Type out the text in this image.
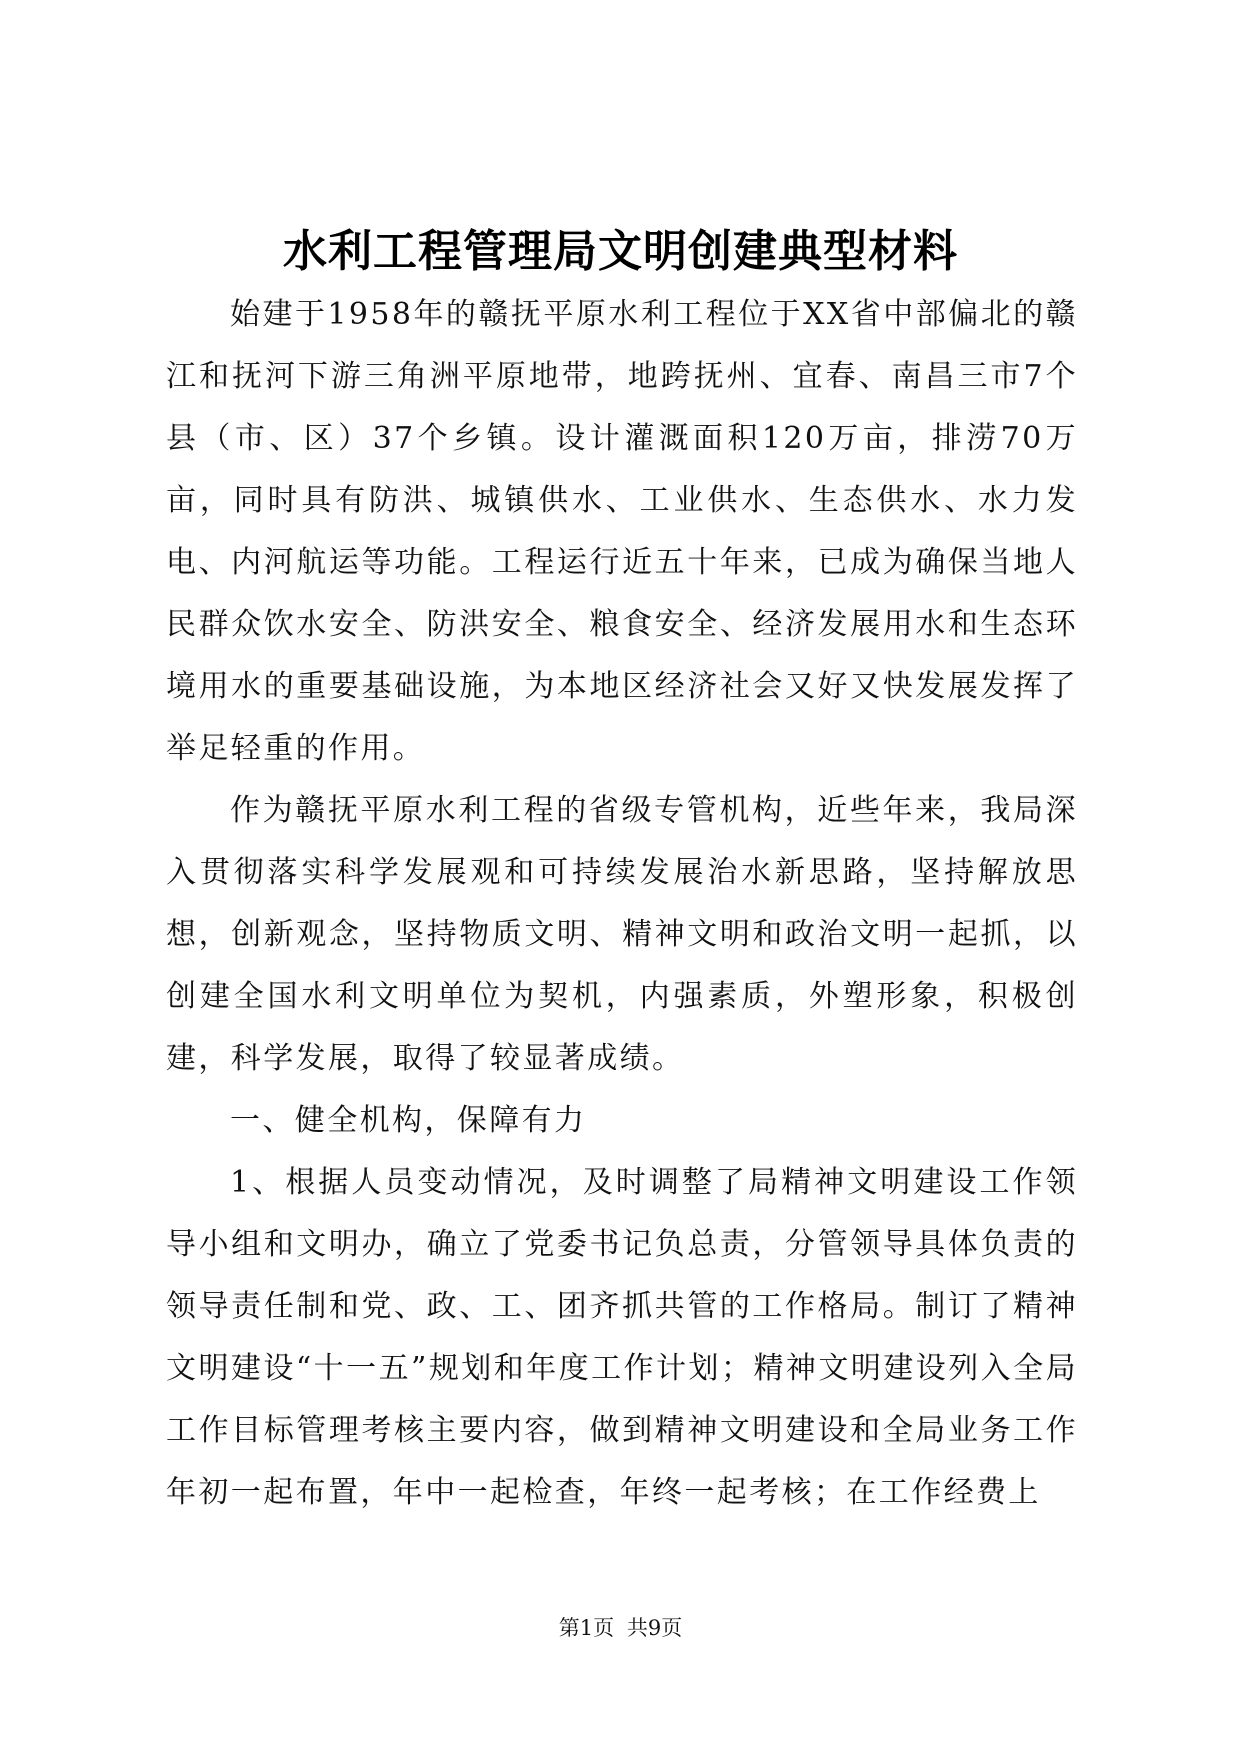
水利工程管理局文明创建典型材料

始建于1958年的赣抚平原水利工程位于XX省中部偏北的赣江和抚河下游三角洲平原地带，地跨抚州、宜春、南昌三市7个县（市、区）37个乡镇。设计灌溉面积120万亩，排涝70万亩，同时具有防洪、城镇供水、工业供水、生态供水、水力发电、内河航运等功能。工程运行近五十年来，已成为确保当地人民群众饮水安全、防洪安全、粮食安全、经济发展用水和生态环境用水的重要基础设施，为本地区经济社会又好又快发展发挥了举足轻重的作用。

作为赣抚平原水利工程的省级专管机构，近些年来，我局深入贯彻落实科学发展观和可持续发展治水新思路，坚持解放思想，创新观念，坚持物质文明、精神文明和政治文明一起抓，以创建全国水利文明单位为契机，内强素质，外塑形象，积极创建，科学发展，取得了较显著成绩。

一、健全机构，保障有力

1、根据人员变动情况，及时调整了局精神文明建设工作领导小组和文明办，确立了党委书记负总责，分管领导具体负责的领导责任制和党、政、工、团齐抓共管的工作格局。制订了精神文明建设“十一五”规划和年度工作计划；精神文明建设列入全局工作目标管理考核主要内容，做到精神文明建设和全局业务工作年初一起布置，年中一起检查，年终一起考核；在工作经费上

第1页 共9页
